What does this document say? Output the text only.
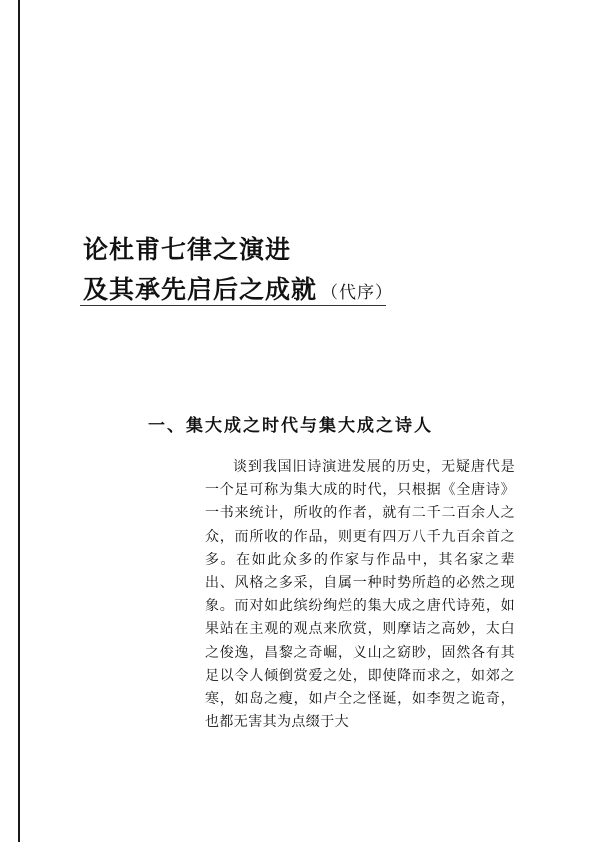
论杜甫七律之演进
及其承先启后之成就 （代序）
一、集大成之时代与集大成之诗人
谈到我国旧诗演进发展的历史，无疑唐代是一个足可称为集大成的时代，只根据《全唐诗》一书来统计，所收的作者，就有二千二百余人之众，而所收的作品，则更有四万八千九百余首之多。在如此众多的作家与作品中，其名家之辈出、风格之多采，自属一种时势所趋的必然之现象。而对如此缤纷绚烂的集大成之唐代诗苑，如果站在主观的观点来欣赏，则摩诘之高妙，太白之俊逸，昌黎之奇崛，义山之窈眇，固然各有其足以令人倾倒赏爱之处，即使降而求之，如郊之寒，如岛之瘦，如卢仝之怪诞，如李贺之诡奇，也都无害其为点缀于大
